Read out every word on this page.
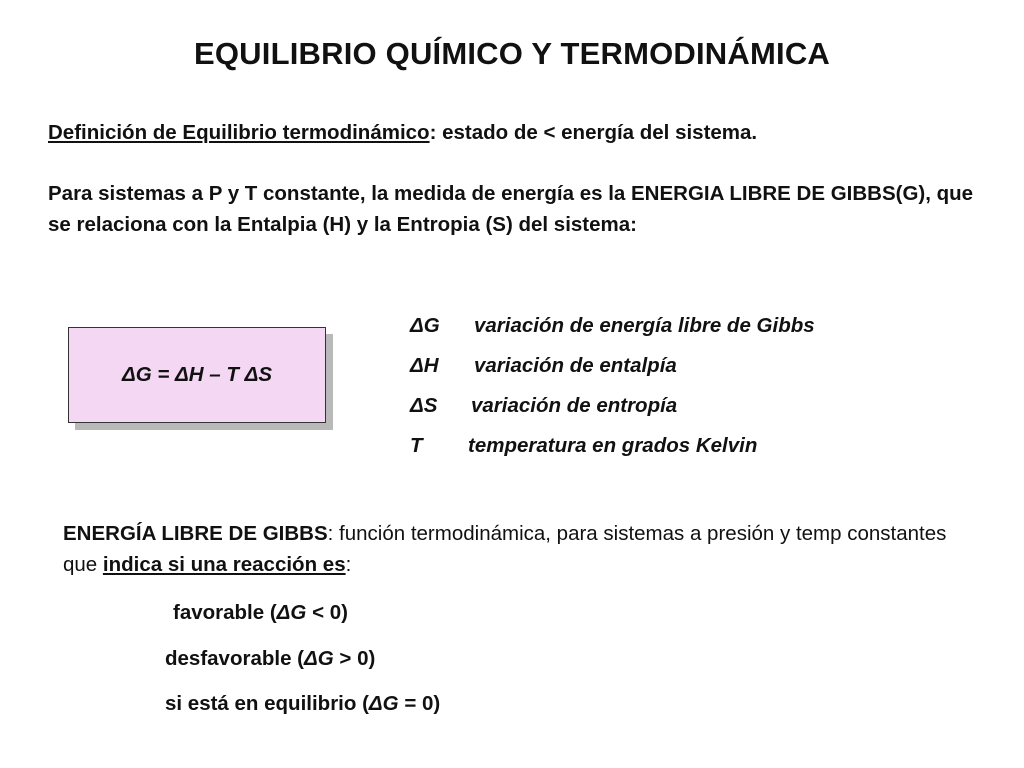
EQUILIBRIO QUÍMICO Y TERMODINÁMICA
Definición de Equilibrio termodinámico: estado de < energía del sistema.
Para sistemas a P y T constante, la medida de energía es la ENERGIA LIBRE DE GIBBS(G), que se relaciona con la Entalpia (H) y la Entropia (S) del sistema:
ΔG = ΔH – T ΔS
ΔG variación de energía libre de Gibbs
ΔH variación de entalpía
ΔS variación de entropía
T temperatura en grados Kelvin
ENERGÍA LIBRE DE GIBBS: función termodinámica, para sistemas a presión y temp constantes que indica si una reacción es:
favorable (ΔG < 0)
desfavorable (ΔG > 0)
si está en equilibrio (ΔG = 0)
